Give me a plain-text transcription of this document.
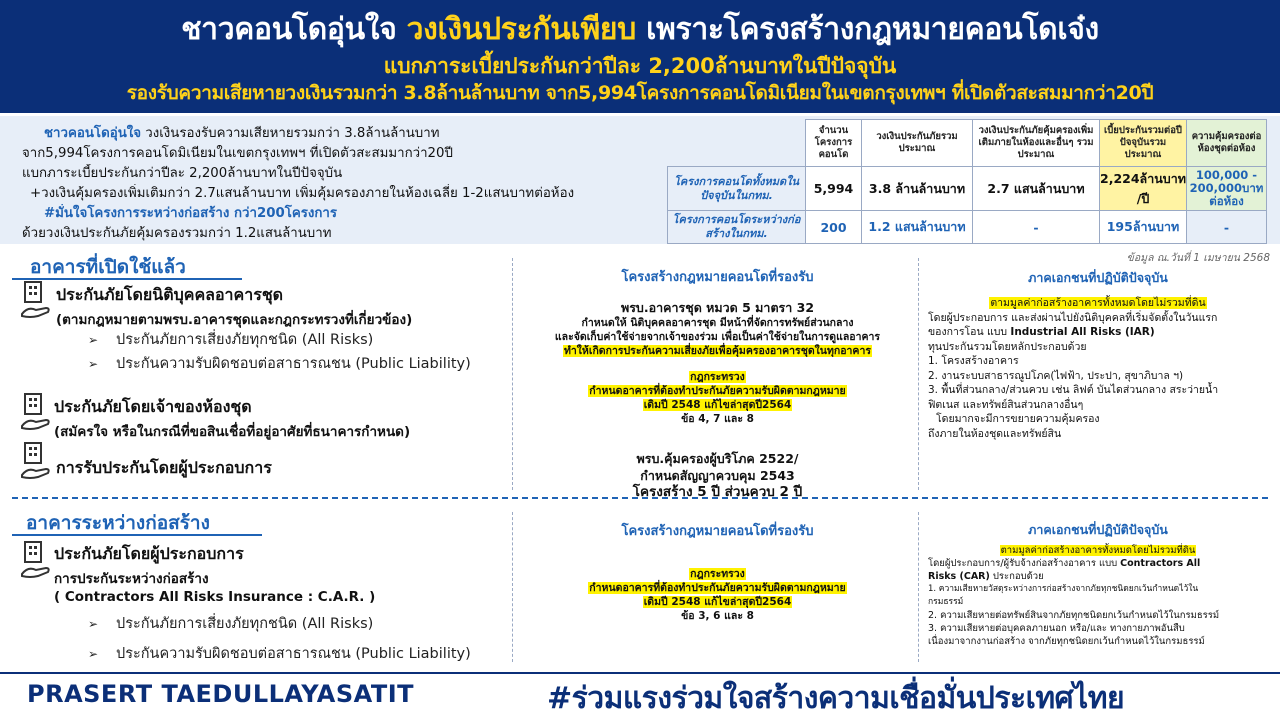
ชาวคอนโดอุ่นใจ วงเงินประกันเพียบ เพราะโครงสร้างกฎหมายคอนโดเจ๋ง
แบกภาระเบี้ยประกันกว่าปีละ 2,200ล้านบาทในปีปัจจุบัน
รองรับความเสียหายวงเงินรวมกว่า 3.8ล้านล้านบาท จาก5,994โครงการคอนโดมิเนียมในเขตกรุงเทพฯ ที่เปิดตัวสะสมมากว่า20ปี
ชาวคอนโดอุ่นใจ วงเงินรองรับความเสียหายรวมกว่า 3.8ล้านล้านบาท
จาก5,994โครงการคอนโดมิเนียมในเขตกรุงเทพฯ ที่เปิดตัวสะสมมากว่า20ปี
แบกภาระเบี้ยประกันกว่าปีละ 2,200ล้านบาทในปีปัจจุบัน
+วงเงินคุ้มครองเพิ่มเติมกว่า 2.7แสนล้านบาท เพิ่มคุ้มครองภายในห้องเฉลี่ย 1-2แสนบาทต่อห้อง
#มั่นใจโครงการระหว่างก่อสร้าง กว่า200โครงการ
ด้วยวงเงินประกันภัยคุ้มครองรวมกว่า 1.2แสนล้านบาท
	จำนวนโครงการคอนโด	วงเงินประกันภัยรวมประมาณ	วงเงินประกันภัยคุ้มครองเพิ่มเติมภายในห้องและอื่นๆ รวมประมาณ	เบี้ยประกันรวมต่อปีปัจจุบันรวมประมาณ	ความคุ้มครองต่อห้องชุดต่อห้อง
โครงการคอนโดทั้งหมดในปัจจุบันในกทม.	5,994	3.8 ล้านล้านบาท	2.7 แสนล้านบาท	2,224ล้านบาท /ปี	100,000 - 200,000บาทต่อห้อง
โครงการคอนโดระหว่างก่อสร้างในกทม.	200	1.2 แสนล้านบาท	-	195ล้านบาท	-
ข้อมูล ณ.วันที่ 1 เมษายน 2568
อาคารที่เปิดใช้แล้ว
ประกันภัยโดยนิติบุคคลอาคารชุด
(ตามกฎหมายตามพรบ.อาคารชุดและกฎกระทรวงที่เกี่ยวข้อง)
➢ ประกันภัยการเสี่ยงภัยทุกชนิด (All Risks)
➢ ประกันความรับผิดชอบต่อสาธารณชน (Public Liability)
ประกันภัยโดยเจ้าของห้องชุด
(สมัครใจ หรือในกรณีที่ขอสินเชื่อที่อยู่อาศัยที่ธนาคารกำหนด)
การรับประกันโดยผู้ประกอบการ
โครงสร้างกฎหมายคอนโดที่รองรับ
พรบ.อาคารชุด หมวด 5 มาตรา 32
กำหนดให้ นิติบุคคลอาคารชุด มีหน้าที่จัดการทรัพย์ส่วนกลาง
และจัดเก็บค่าใช้จ่ายจากเจ้าของร่วม เพื่อเป็นค่าใช้จ่ายในการดูแลอาคาร
ทำให้เกิดการประกันความเสี่ยงภัยเพื่อคุ้มครองอาคารชุดในทุกอาคาร
กฎกระทรวง
กำหนดอาคารที่ต้องทำประกันภัยความรับผิดตามกฎหมาย
เดิมปี 2548 แก้ไขล่าสุดปี2564
ข้อ 4, 7 และ 8
พรบ.คุ้มครองผู้บริโภค 2522/
กำหนดสัญญาควบคุม 2543
โครงสร้าง 5 ปี ส่วนควบ 2 ปี
ภาคเอกชนที่ปฏิบัติปัจจุบัน
ตามมูลค่าก่อสร้างอาคารทั้งหมดโดยไม่รวมที่ดิน
โดยผู้ประกอบการ และส่งผ่านไปยังนิติบุคคลที่เริ่มจัดตั้งในวันแรก
ของการโอน แบบ Industrial All Risks (IAR)
ทุนประกันรวมโดยหลักประกอบด้วย
1. โครงสร้างอาคาร
2. งานระบบสาธารณูปโภค(ไฟฟ้า, ประปา, สุขาภิบาล ฯ)
3. พื้นที่ส่วนกลาง/ส่วนควบ เช่น ลิฟต์ บันไดส่วนกลาง สระว่ายน้ำ
ฟิตเนส และทรัพย์สินส่วนกลางอื่นๆ
โดยมากจะมีการขยายความคุ้มครอง
ถึงภายในห้องชุดและทรัพย์สิน
อาคารระหว่างก่อสร้าง
ประกันภัยโดยผู้ประกอบการ
การประกันระหว่างก่อสร้าง
( Contractors All Risks Insurance : C.A.R. )
➢ ประกันภัยการเสี่ยงภัยทุกชนิด (All Risks)
➢ ประกันความรับผิดชอบต่อสาธารณชน (Public Liability)
โครงสร้างกฎหมายคอนโดที่รองรับ
กฎกระทรวง
กำหนดอาคารที่ต้องทำประกันภัยความรับผิดตามกฎหมาย
เดิมปี 2548 แก้ไขล่าสุดปี2564
ข้อ 3, 6 และ 8
ภาคเอกชนที่ปฏิบัติปัจจุบัน
ตามมูลค่าก่อสร้างอาคารทั้งหมดโดยไม่รวมที่ดิน
โดยผู้ประกอบการ/ผู้รับจ้างก่อสร้างอาคาร แบบ Contractors All
Risks (CAR) ประกอบด้วย
1. ความเสียหายวัสดุระหว่างการก่อสร้างจากภัยทุกชนิดยกเว้นกำหนดไว้ใน
กรมธรรม์
2. ความเสียหายต่อทรัพย์สินจากภัยทุกชนิดยกเว้นกำหนดไว้ในกรมธรรม์
3. ความเสียหายต่อบุคคลภายนอก หรือ/และ ทางกายภาพอันสืบ
เนื่องมาจากงานก่อสร้าง จากภัยทุกชนิดยกเว้นกำหนดไว้ในกรมธรรม์
PRASERT TAEDULLAYASATIT	#ร่วมแรงร่วมใจสร้างความเชื่อมั่นประเทศไทย
